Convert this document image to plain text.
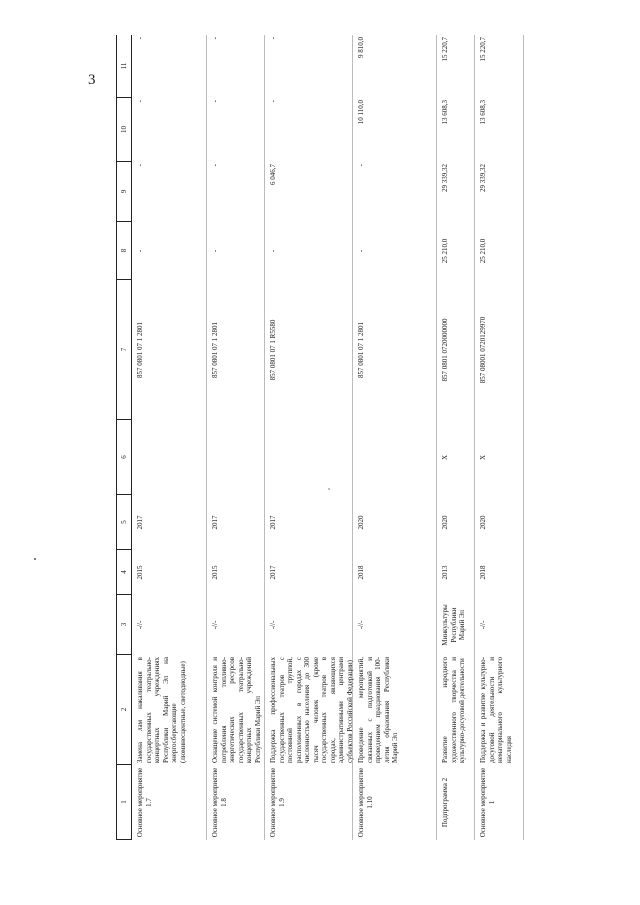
3
1
2
3
4
5
6
7
8
9
10
11
Основное мероприятие 1.7
Замена лам накаливания в государственных театрально-концертных учреждениях Республики Марий Эл на энергосберегающие (люминесцентные, светодиодные)
-//-
2015
2017
857 0801 07 1 2801
-
-
-
-
Основное мероприятие 1.8
Оснащение системой контроля и потребления топливно-энергетических ресурсов государственных театрально-концертных учреждений Республики Марий Эл
-//-
2015
2017
857 0801 07 1 2801
-
-
-
-
Основное мероприятие 1.9
Поддержка профессиональных государственных театров с постоянной труппой, расположенных в городах с численностью населения до 300 тысяч человек (кроме государственных театров в городах, являющихся административными центрами субъектов Российской Федерации)
-//-
2017
2017
857 0801 07 1 R5580
-
6 046,7
-
-
Основное мероприятие 1.10
Проведение мероприятий, связанных с подготовкой и проведением празднования 100-летия образования Республики Марий Эл
-//-
2018
2020
857 0801 07 1 2801
-
-
10 110,0
9 810,0
Подпрограмма 2
Развитие народного художественного творчества и культурно-досуговой деятельности
Минкультуры Республики Марий Эл
2013
2020
Х
857 0801 0720000000
25 210,0
29 339,32
13 608,3
15 220,7
Основное мероприятие 1
Поддержка и развитие культурно-досуговой деятельности и нематериального культурного наследия
-//-
2018
2020
Х
857 08001 0720129970
25 210,0
29 339,32
13 608,3
15 220,7
